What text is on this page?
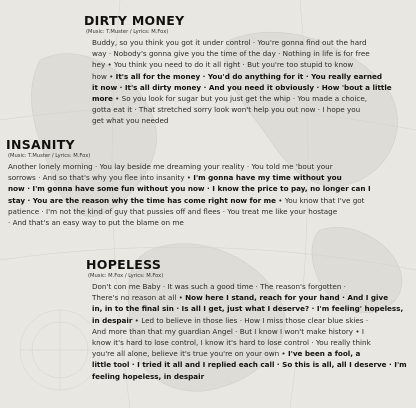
DIRTY MONEY
(Music: T.Muster / Lyrics: M.Fox)
Buddy, so you think you got it under control · You're gonna find out the hard
way · Nobody's gonna give you the time of the day · Nothing in life is for free
hey • You think you need to do it all right · But you're too stupid to know
how • It's all for the money · You'd do anything for it · You really earned
it now · It's all dirty money · And you need it obviously · How 'bout a little
more • So you look for sugar but you just get the whip · You made a choice,
gotta eat it · That stretched sorry look won't help you out now · I hope you
get what you needed
INSANITY
(Music: T.Muster / Lyrics: M.Fox)
Another lonely morning · You lay beside me dreaming your reality · You told me 'bout your
sorrows · And so that's why you flee into insanity • I'm gonna have my time without you
now · I'm gonna have some fun without you now · I know the price to pay, no longer can I
stay · You are the reason why the time has come right now for me • You know that I've got
patience · I'm not the kind of guy that pussies off and flees · You treat me like your hostage
· And that's an easy way to put the blame on me
HOPELESS
(Music: M.Fox / Lyrics: M.Fox)
Don't con me Baby · It was such a good time · The reason's forgotten ·
There's no reason at all • Now here I stand, reach for your hand · And I give
in, in to the final sin · Is all I get, just what I deserve? · I'm feeling' hopeless,
in despair • Led to believe in those lies · How I miss those clear blue skies ·
And more than that my guardian Angel · But I know I won't make history • I
know it's hard to lose control, I know it's hard to lose control · You really think
you're all alone, believe it's true you're on your own • I've been a fool, a
little tool · I tried it all and I replied each call · So this is all, all I deserve · I'm
feeling hopeless, in despair
